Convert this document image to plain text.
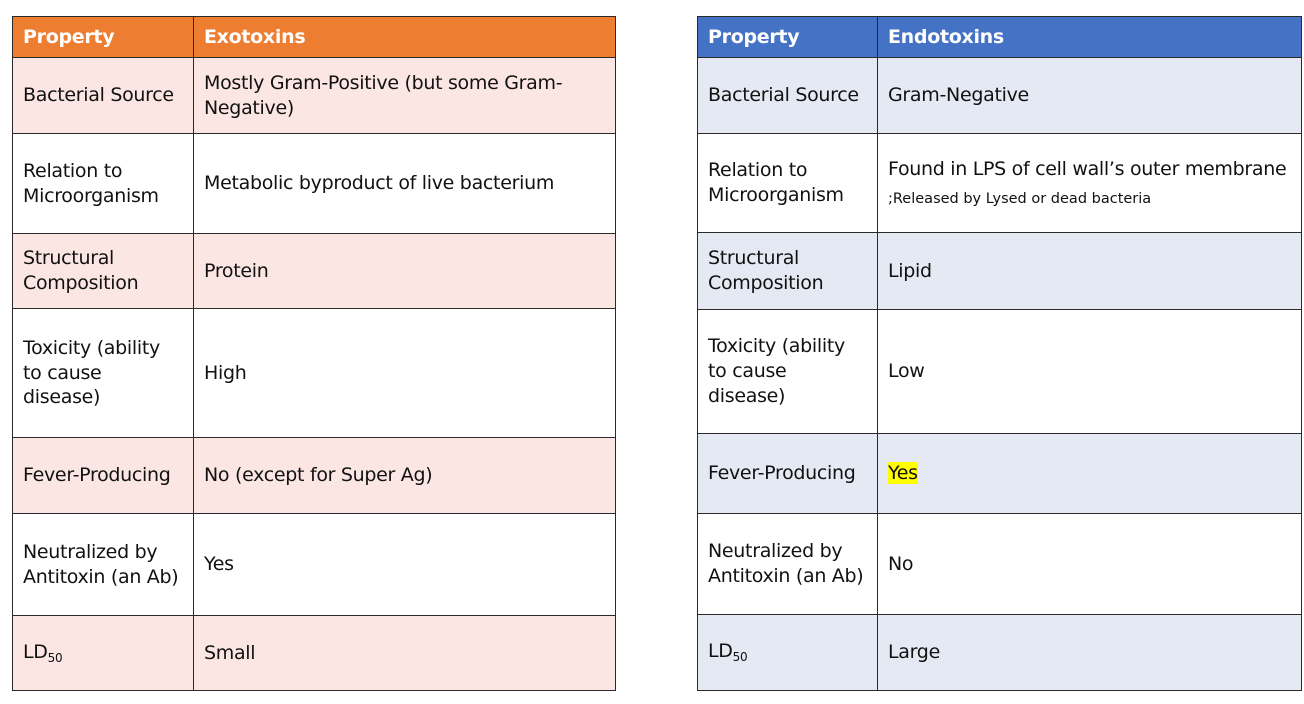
Property	Exotoxins
Bacterial Source	Mostly Gram-Positive (but some Gram-Negative)
Relation to Microorganism	Metabolic byproduct of live bacterium
Structural Composition	Protein
Toxicity (ability to cause disease)	High
Fever-Producing	No (except for Super Ag)
Neutralized by Antitoxin (an Ab)	Yes
$LD_{50}$	Small
Property	Endotoxins
Bacterial Source	Gram-Negative
Relation to Microorganism	Found in LPS of cell wall’s outer membrane ;Released by Lysed or dead bacteria
Structural Composition	Lipid
Toxicity (ability to cause disease)	Low
Fever-Producing	Yes
Neutralized by Antitoxin (an Ab)	No
$LD_{50}$	Large
